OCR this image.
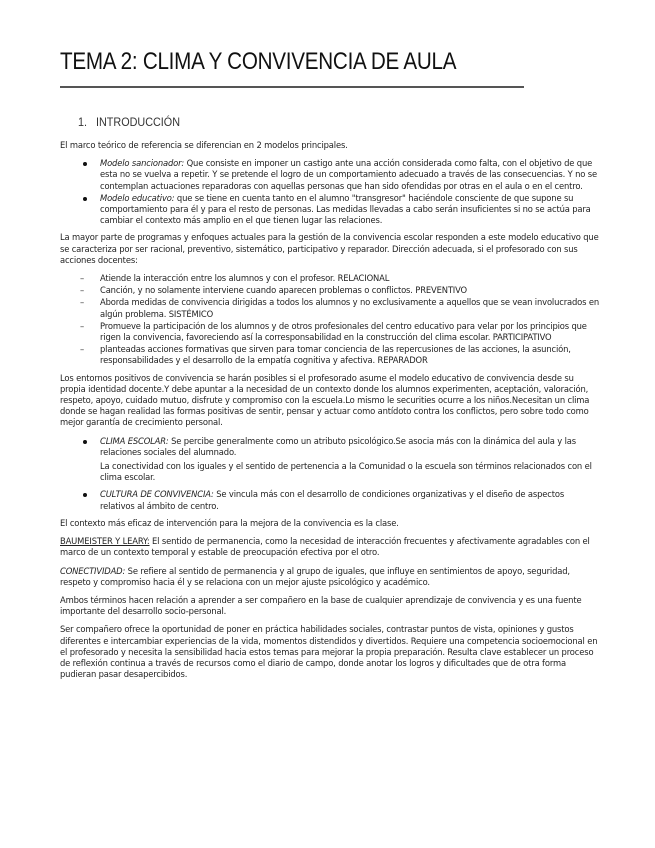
TEMA 2: CLIMA Y CONVIVENCIA DE AULA
1. INTRODUCCIÓN

El marco teórico de referencia se diferencian en 2 modelos principales.

Modelo sancionador: Que consiste en imponer un castigo ante una acción considerada como falta, con el objetivo de que esta no se vuelva a repetir. Y se pretende el logro de un comportamiento adecuado a través de las consecuencias. Y no se contemplan actuaciones reparadoras con aquellas personas que han sido ofendidas por otras en el aula o en el centro.
Modelo educativo: que se tiene en cuenta tanto en el alumno "transgresor" haciéndole consciente de que supone su comportamiento para él y para el resto de personas. Las medidas llevadas a cabo serán insuficientes si no se actúa para cambiar el contexto más amplio en el que tienen lugar las relaciones.

La mayor parte de programas y enfoques actuales para la gestión de la convivencia escolar responden a este modelo educativo que se caracteriza por ser racional, preventivo, sistemático, participativo y reparador. Dirección adecuada, si el profesorado con sus acciones docentes:

– Atiende la interacción entre los alumnos y con el profesor. RELACIONAL
– Canción, y no solamente interviene cuando aparecen problemas o conflictos. PREVENTIVO
– Aborda medidas de convivencia dirigidas a todos los alumnos y no exclusivamente a aquellos que se vean involucrados en algún problema. SISTÉMICO
– Promueve la participación de los alumnos y de otros profesionales del centro educativo para velar por los principios que rigen la convivencia, favoreciendo así la corresponsabilidad en la construcción del clima escolar. PARTICIPATIVO
– planteadas acciones formativas que sirven para tomar conciencia de las repercusiones de las acciones, la asunción, responsabilidades y el desarrollo de la empatía cognitiva y afectiva. REPARADOR

Los entornos positivos de convivencia se harán posibles si el profesorado asume el modelo educativo de convivencia desde su propia identidad docente.Y debe apuntar a la necesidad de un contexto donde los alumnos experimenten, aceptación, valoración, respeto, apoyo, cuidado mutuo, disfrute y compromiso con la escuela.Lo mismo le securities ocurre a los niños.Necesitan un clima donde se hagan realidad las formas positivas de sentir, pensar y actuar como antídoto contra los conflictos, pero sobre todo como mejor garantía de crecimiento personal.

CLIMA ESCOLAR: Se percibe generalmente como un atributo psicológico.Se asocia más con la dinámica del aula y las relaciones sociales del alumnado.
La conectividad con los iguales y el sentido de pertenencia a la Comunidad o la escuela son términos relacionados con el clima escolar.
CULTURA DE CONVIVENCIA: Se vincula más con el desarrollo de condiciones organizativas y el diseño de aspectos relativos al ámbito de centro.

El contexto más eficaz de intervención para la mejora de la convivencia es la clase.

BAUMEISTER Y LEARY: El sentido de permanencia, como la necesidad de interacción frecuentes y afectivamente agradables con el marco de un contexto temporal y estable de preocupación efectiva por el otro.

CONECTIVIDAD: Se refiere al sentido de permanencia y al grupo de iguales, que influye en sentimientos de apoyo, seguridad, respeto y compromiso hacia él y se relaciona con un mejor ajuste psicológico y académico.

Ambos términos hacen relación a aprender a ser compañero en la base de cualquier aprendizaje de convivencia y es una fuente importante del desarrollo socio-personal.

Ser compañero ofrece la oportunidad de poner en práctica habilidades sociales, contrastar puntos de vista, opiniones y gustos diferentes e intercambiar experiencias de la vida, momentos distendidos y divertidos. Requiere una competencia socioemocional en el profesorado y necesita la sensibilidad hacia estos temas para mejorar la propia preparación. Resulta clave establecer un proceso de reflexión continua a través de recursos como el diario de campo, donde anotar los logros y dificultades que de otra forma pudieran pasar desapercibidos.
